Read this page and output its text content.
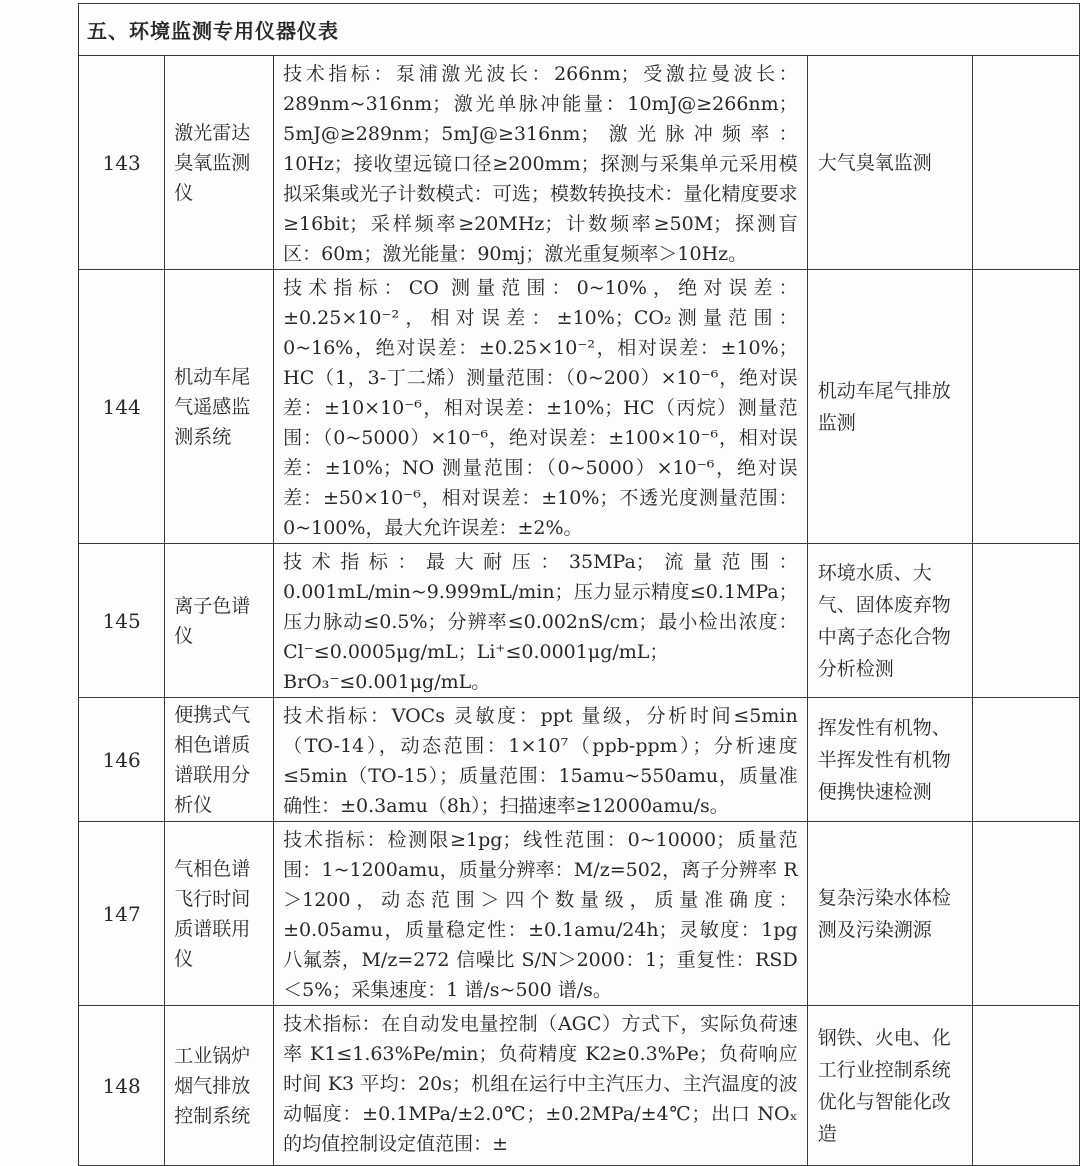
五、环境监测专用仪器仪表				
143	激光雷达臭氧监测仪	技术指标：泵浦激光波长：266nm；受激拉曼波长：289nm~316nm；激光单脉冲能量：10mJ@≥266nm；5mJ@≥289nm；5mJ@≥316nm；激光脉冲频率：10Hz；接收望远镜口径≥200mm；探测与采集单元采用模拟采集或光子计数模式：可选；模数转换技术：量化精度要求≥16bit；采样频率≥20MHz；计数频率≥50M；探测盲区：60m；激光能量：90mj；激光重复频率＞10Hz。	大气臭氧监测	
144	机动车尾气遥感监测系统	技术指标：CO 测量范围：0~10%，绝对误差：±0.25×10⁻²，相对误差：±10%；CO₂测量范围：0~16%，绝对误差：±0.25×10⁻²，相对误差：±10%；HC（1，3-丁二烯）测量范围：（0~200）×10⁻⁶，绝对误差：±10×10⁻⁶，相对误差：±10%；HC（丙烷）测量范围：（0~5000）×10⁻⁶，绝对误差：±100×10⁻⁶，相对误差：±10%；NO 测量范围：（0~5000）×10⁻⁶，绝对误差：±50×10⁻⁶，相对误差：±10%；不透光度测量范围：0~100%，最大允许误差：±2%。	机动车尾气排放监测	
145	离子色谱仪	技术指标：最大耐压：35MPa；流量范围：0.001mL/min~9.999mL/min；压力显示精度≤0.1MPa；压力脉动≤0.5%；分辨率≤0.002nS/cm；最小检出浓度：Cl⁻≤0.0005μg/mL；Li⁺≤0.0001μg/mL；BrO₃⁻≤0.001μg/mL。	环境水质、大气、固体废弃物中离子态化合物分析检测	
146	便携式气相色谱质谱联用分析仪	技术指标：VOCs 灵敏度：ppt 量级，分析时间≤5min（TO-14），动态范围：1×10⁷（ppb-ppm）；分析速度≤5min（TO-15）；质量范围：15amu~550amu，质量准确性：±0.3amu（8h）；扫描速率≥12000amu/s。	挥发性有机物、半挥发性有机物便携快速检测	
147	气相色谱飞行时间质谱联用仪	技术指标：检测限≥1pg；线性范围：0~10000；质量范围：1~1200amu，质量分辨率：M/z=502，离子分辨率 R＞1200，动态范围＞四个数量级，质量准确度：±0.05amu，质量稳定性：±0.1amu/24h；灵敏度：1pg 八氟萘，M/z=272 信噪比 S/N＞2000：1；重复性：RSD＜5%；采集速度：1 谱/s~500 谱/s。	复杂污染水体检测及污染溯源	
148	工业锅炉烟气排放控制系统	技术指标：在自动发电量控制（AGC）方式下，实际负荷速率 K1≤1.63%Pe/min；负荷精度 K2≥0.3%Pe；负荷响应时间 K3 平均：20s；机组在运行中主汽压力、主汽温度的波动幅度：±0.1MPa/±2.0℃；±0.2MPa/±4℃；出口 NOₓ 的均值控制设定值范围：±	钢铁、火电、化工行业控制系统优化与智能化改造	
